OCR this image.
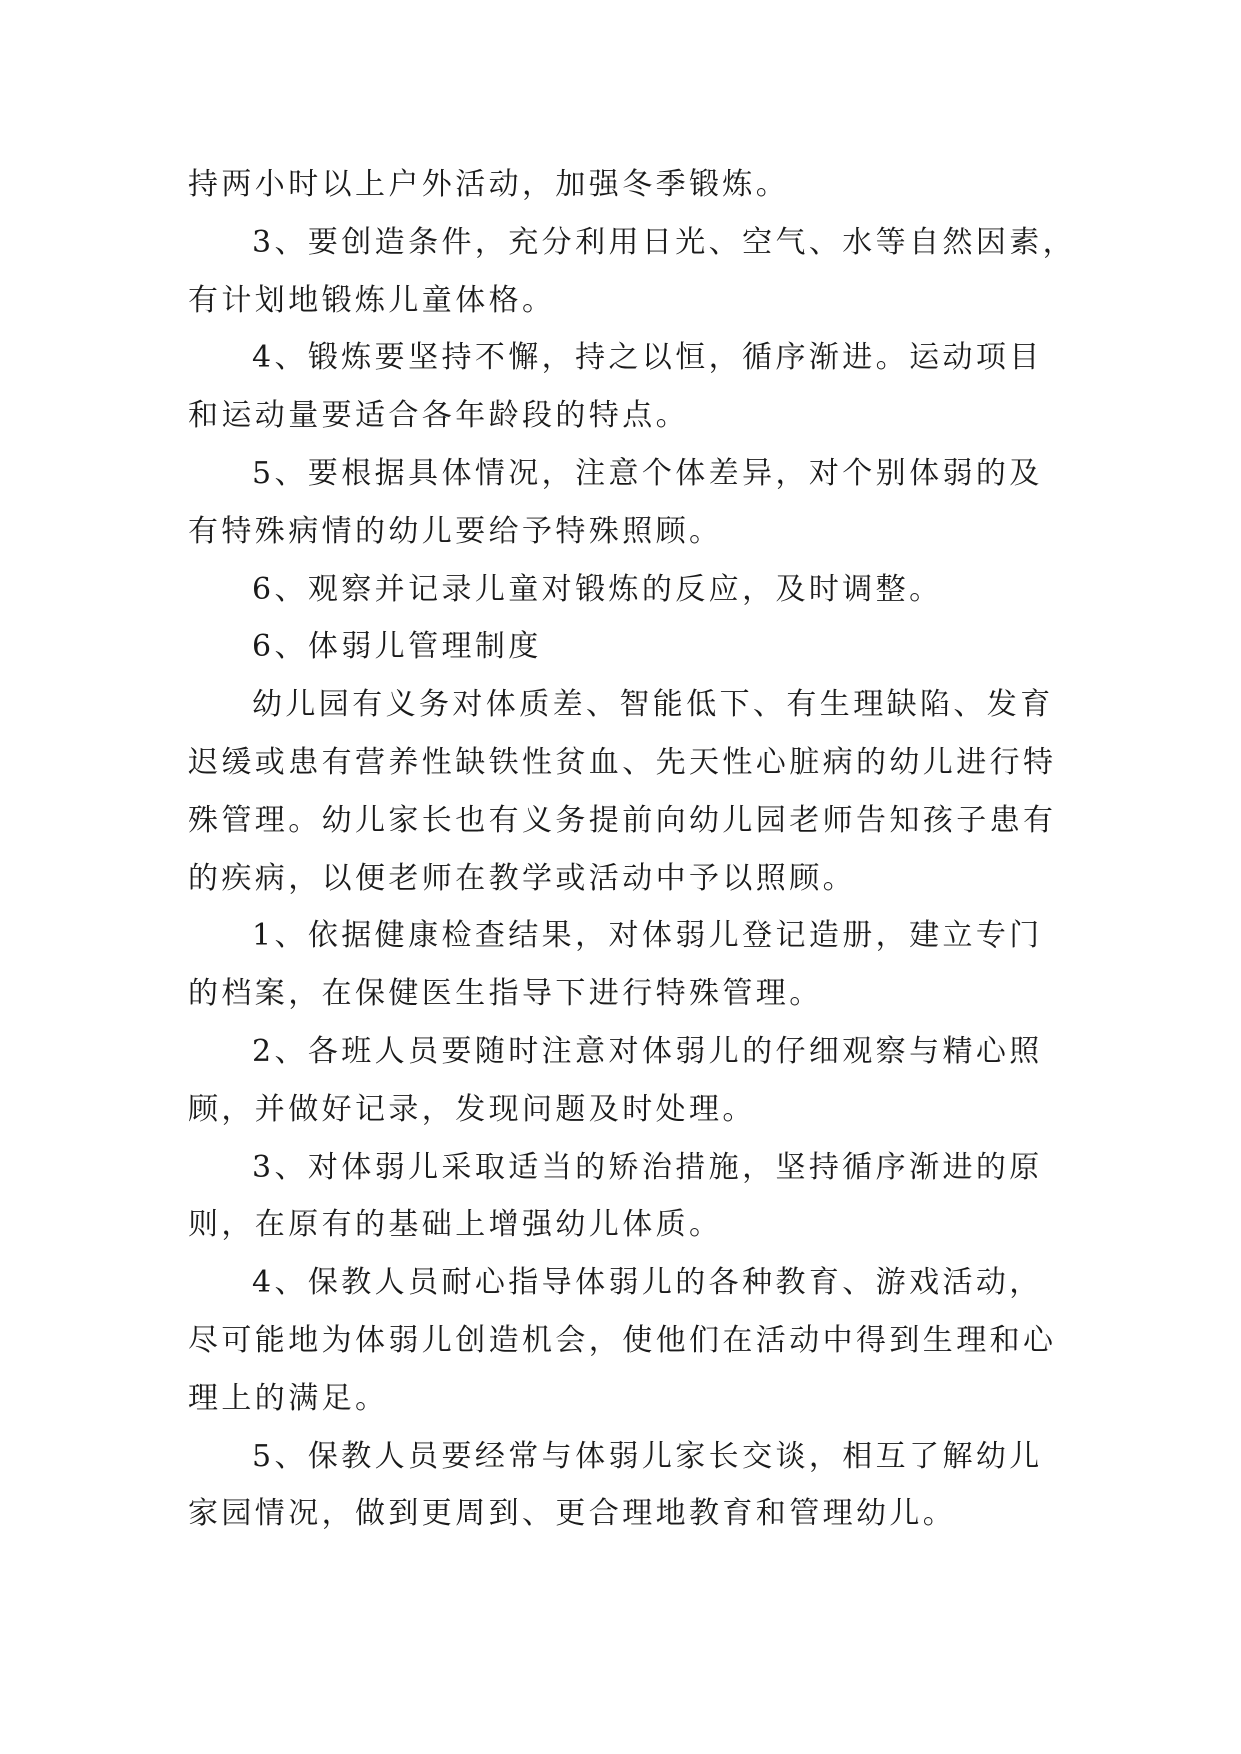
持两小时以上户外活动，加强冬季锻炼。
3、要创造条件，充分利用日光、空气、水等自然因素，
有计划地锻炼儿童体格。
4、锻炼要坚持不懈，持之以恒，循序渐进。运动项目
和运动量要适合各年龄段的特点。
5、要根据具体情况，注意个体差异，对个别体弱的及
有特殊病情的幼儿要给予特殊照顾。
6、观察并记录儿童对锻炼的反应，及时调整。
6、体弱儿管理制度
幼儿园有义务对体质差、智能低下、有生理缺陷、发育
迟缓或患有营养性缺铁性贫血、先天性心脏病的幼儿进行特
殊管理。幼儿家长也有义务提前向幼儿园老师告知孩子患有
的疾病，以便老师在教学或活动中予以照顾。
1、依据健康检查结果，对体弱儿登记造册，建立专门
的档案，在保健医生指导下进行特殊管理。
2、各班人员要随时注意对体弱儿的仔细观察与精心照
顾，并做好记录，发现问题及时处理。
3、对体弱儿采取适当的矫治措施，坚持循序渐进的原
则，在原有的基础上增强幼儿体质。
4、保教人员耐心指导体弱儿的各种教育、游戏活动，
尽可能地为体弱儿创造机会，使他们在活动中得到生理和心
理上的满足。
5、保教人员要经常与体弱儿家长交谈，相互了解幼儿
家园情况，做到更周到、更合理地教育和管理幼儿。
